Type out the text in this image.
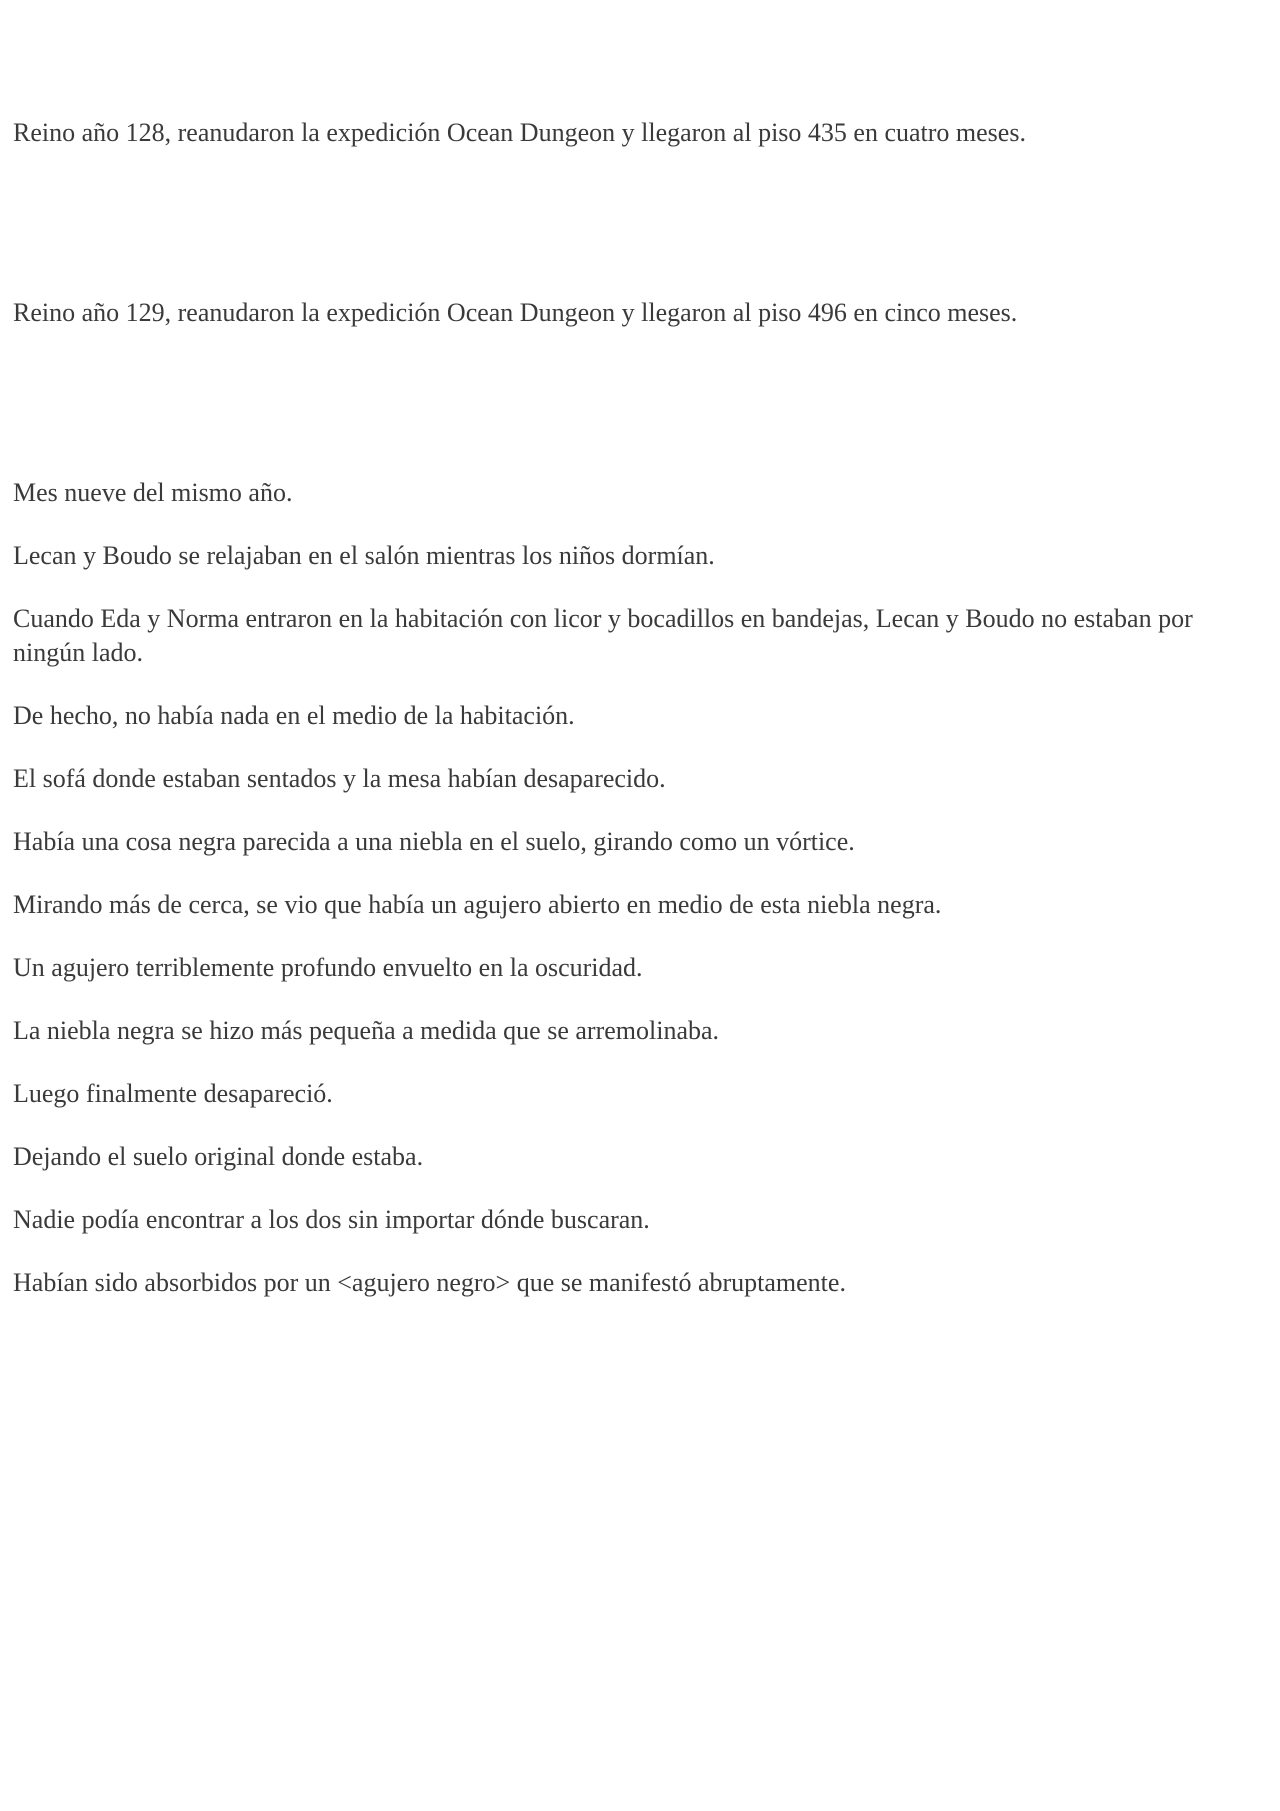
Reino año 128, reanudaron la expedición Ocean Dungeon y llegaron al piso 435 en cuatro meses.

Reino año 129, reanudaron la expedición Ocean Dungeon y llegaron al piso 496 en cinco meses.

Mes nueve del mismo año.

Lecan y Boudo se relajaban en el salón mientras los niños dormían.

Cuando Eda y Norma entraron en la habitación con licor y bocadillos en bandejas, Lecan y Boudo no estaban por ningún lado.

De hecho, no había nada en el medio de la habitación.

El sofá donde estaban sentados y la mesa habían desaparecido.

Había una cosa negra parecida a una niebla en el suelo, girando como un vórtice.

Mirando más de cerca, se vio que había un agujero abierto en medio de esta niebla negra.

Un agujero terriblemente profundo envuelto en la oscuridad.

La niebla negra se hizo más pequeña a medida que se arremolinaba.

Luego finalmente desapareció.

Dejando el suelo original donde estaba.

Nadie podía encontrar a los dos sin importar dónde buscaran.

Habían sido absorbidos por un <agujero negro> que se manifestó abruptamente.
